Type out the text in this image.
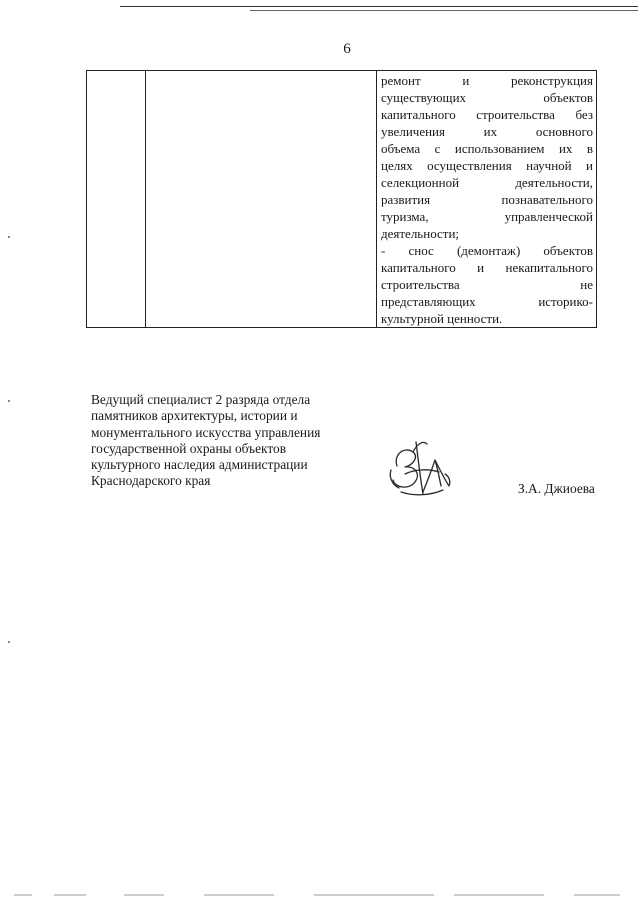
6

ремонт и реконструкция
существующих объектов
капитального строительства без
увеличения их основного
объема с использованием их в
целях осуществления научной и
селекционной деятельности,
развития познавательного
туризма, управленческой
деятельности;
- снос (демонтаж) объектов
капитального и некапитального
строительства не
представляющих историко-
культурной ценности.
Ведущий специалист 2 разряда отдела
памятников архитектуры, истории и
монументального искусства управления
государственной охраны объектов
культурного наследия администрации
Краснодарского края
З.А. Джиоева
